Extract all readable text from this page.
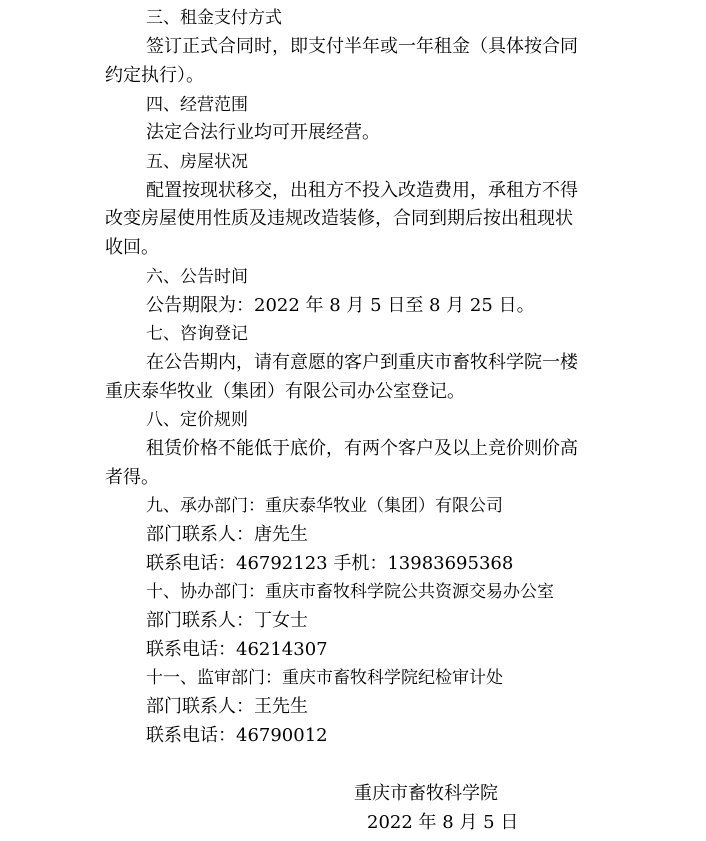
三、租金支付方式
签订正式合同时，即支付半年或一年租金（具体按合同
约定执行）。
四、经营范围
法定合法行业均可开展经营。
五、房屋状况
配置按现状移交，出租方不投入改造费用，承租方不得
改变房屋使用性质及违规改造装修，合同到期后按出租现状
收回。
六、公告时间
公告期限为：2022 年 8 月 5 日至 8 月 25 日。
七、咨询登记
在公告期内，请有意愿的客户到重庆市畜牧科学院一楼
重庆泰华牧业（集团）有限公司办公室登记。
八、定价规则
租赁价格不能低于底价，有两个客户及以上竞价则价高
者得。
九、承办部门：重庆泰华牧业（集团）有限公司
部门联系人：唐先生
联系电话：46792123 手机：13983695368
十、协办部门：重庆市畜牧科学院公共资源交易办公室
部门联系人：丁女士
联系电话：46214307
十一、监审部门：重庆市畜牧科学院纪检审计处
部门联系人：王先生
联系电话：46790012
重庆市畜牧科学院
2022 年 8 月 5 日
